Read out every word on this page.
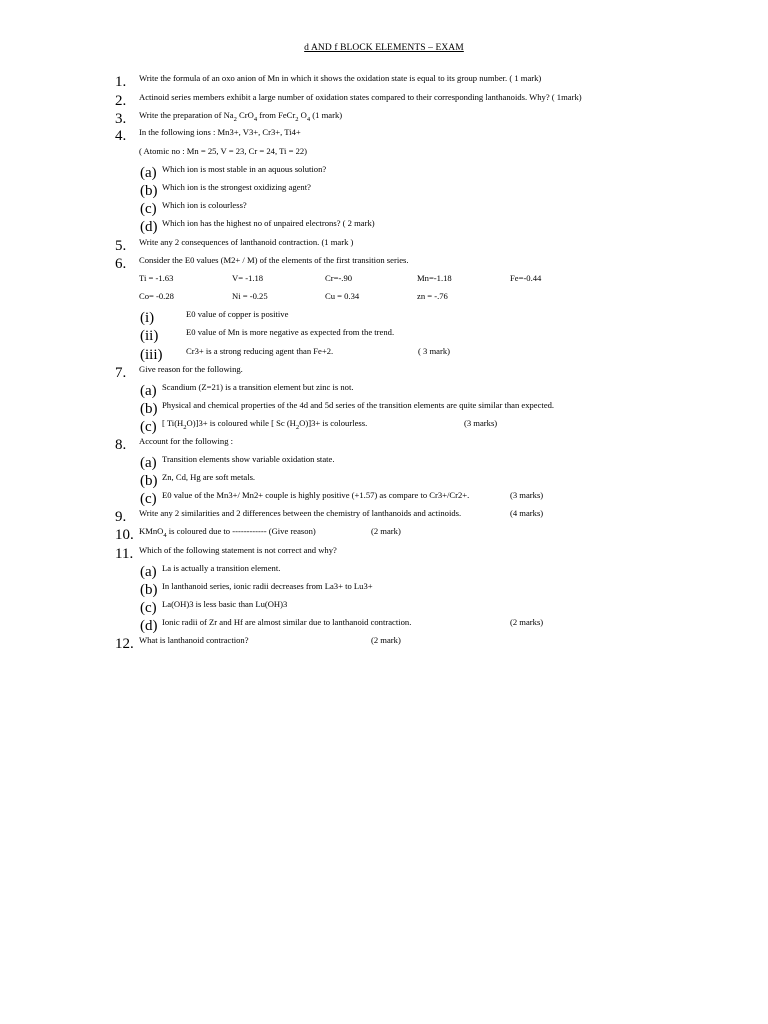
d AND f BLOCK ELEMENTS – EXAM
1. Write the formula of an oxo anion of Mn in which it shows the oxidation state is equal to its group number. ( 1 mark)
2. Actinoid series members exhibit a large number of oxidation states compared to their corresponding lanthanoids. Why? ( 1mark)
3. Write the preparation of $Na_2$ CrO$_4$ from FeCr$_2$ $O_4$ (1 mark)
4. In the following ions : Mn3+, V3+, Cr3+, Ti4+
( Atomic no : Mn = 25, V = 23, Cr = 24, Ti = 22)
(a) Which ion is most stable in an aquous solution?
(b) Which ion is the strongest oxidizing agent?
(c) Which ion is colourless?
(d) Which ion has the highest no of unpaired electrons? ( 2 mark)
5. Write any 2 consequences of lanthanoid contraction. (1 mark )
6. Consider the E0 values (M2+ / M) of the elements of the first transition series.
Ti = -1.63	V= -1.18	Cr=-.90	Mn=-1.18	Fe=-0.44
Co= -0.28	Ni = -0.25	Cu = 0.34	zn = -.76
(i)	E0 value of copper is positive
(ii)	E0 value of Mn is more negative as expected from the trend.
(iii)	Cr3+ is a strong reducing agent than Fe+2.	( 3 mark)
7. Give reason for the following.
(a) Scandium (Z=21) is a transition element but zinc is not.
(b) Physical and chemical properties of the 4d and 5d series of the transition elements are quite similar than expected.
(c) [ $Ti(H_2O)]3+$ is coloured while [ Sc $(H_2O)]3+$ is colourless.	(3 marks)
8. Account for the following :
(a) Transition elements show variable oxidation state.
(b) Zn, Cd, Hg are soft metals.
(c) E0 value of the Mn3+/ Mn2+ couple is highly positive (+1.57) as compare to Cr3+/Cr2+.	(3 marks)
9. Write any 2 similarities and 2 differences between the chemistry of lanthanoids and actinoids.	(4 marks)
10. KMnO$_4$ is coloured due to ------------ (Give reason)	(2 mark)
11. Which of the following statement is not correct and why?
(a) La is actually a transition element.
(b) In lanthanoid series, ionic radii decreases from La3+ to Lu3+
(c) La(OH)3 is less basic than Lu(OH)3
(d) Ionic radii of Zr and Hf are almost similar due to lanthanoid contraction.	(2 marks)
12. What is lanthanoid contraction?	(2 mark)
